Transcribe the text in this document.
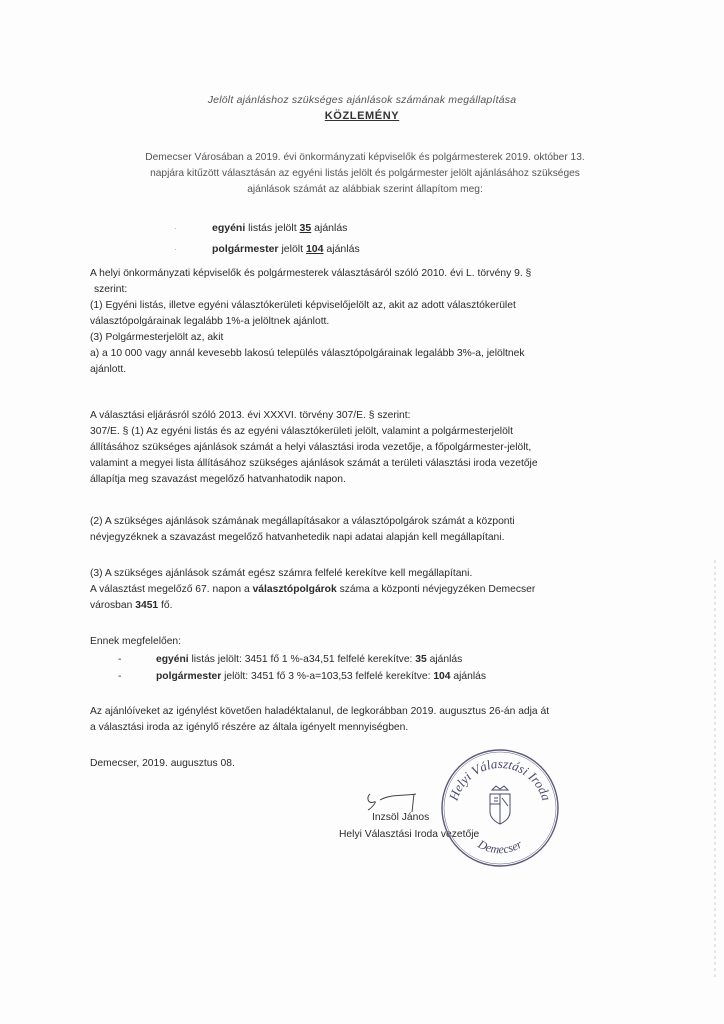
Jelölt ajánláshoz szükséges ajánlások számának megállapítása
KÖZLEMÉNY

Demecser Városában a 2019. évi önkormányzati képviselők és polgármesterek 2019. október 13.

napjára kitűzött választásán az egyéni listás jelölt és polgármester jelölt ajánlásához szükséges

ajánlások számát az alábbiak szerint állapítom meg:

·	egyéni listás jelölt 35 ajánlás
·	polgármester jelölt 104 ajánlás

A helyi önkormányzati képviselők és polgármesterek választásáról szóló 2010. évi L. törvény 9. §

szerint:

(1) Egyéni listás, illetve egyéni választókerületi képviselőjelölt az, akit az adott választókerület

választópolgárainak legalább 1%-a jelöltnek ajánlott.

(3) Polgármesterjelölt az, akit

a) a 10 000 vagy annál kevesebb lakosú település választópolgárainak legalább 3%-a, jelöltnek

ajánlott.

A választási eljárásról szóló 2013. évi XXXVI. törvény 307/E. § szerint:

307/E. § (1) Az egyéni listás és az egyéni választókerületi jelölt, valamint a polgármesterjelölt

állításához szükséges ajánlások számát a helyi választási iroda vezetője, a főpolgármester-jelölt,

valamint a megyei lista állításához szükséges ajánlások számát a területi választási iroda vezetője

állapítja meg szavazást megelőző hatvanhatodik napon.

(2) A szükséges ajánlások számának megállapításakor a választópolgárok számát a központi

névjegyzéknek a szavazást megelőző hatvanhetedik napi adatai alapján kell megállapítani.

(3) A szükséges ajánlások számát egész számra felfelé kerekítve kell megállapítani.

A választást megelőző 67. napon a választópolgárok száma a központi névjegyzéken Demecser

városban 3451 fő.

Ennek megfelelően:
-	egyéni listás jelölt: 3451 fő 1 %-a34,51 felfelé kerekítve: 35 ajánlás
-	polgármester jelölt: 3451 fő 3 %-a=103,53 felfelé kerekítve: 104 ajánlás

Az ajánlóíveket az igénylést követően haladéktalanul, de legkorábban 2019. augusztus 26-án adja át

a választási iroda az igénylő részére az általa igényelt mennyiségben.

Demecser, 2019. augusztus 08.
Inzsöl János
Helyi Választási Iroda vezetője
Helyi Választási Iroda
Demecser
